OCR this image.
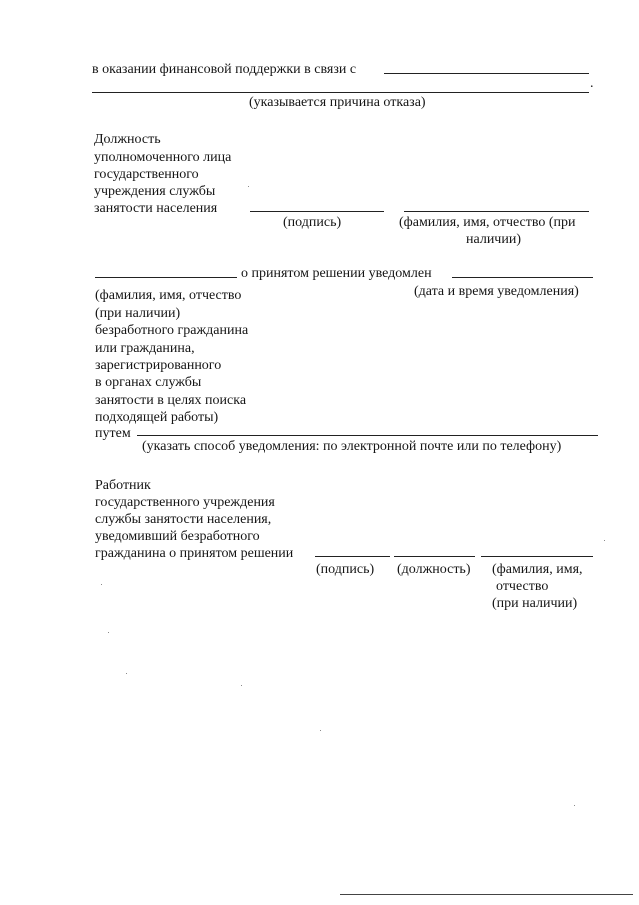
в оказании финансовой поддержки в связи с
.
(указывается причина отказа)
Должность
уполномоченного лица
государственного
учреждения службы
занятости населения
(подпись)	(фамилия, имя, отчество (при
наличии)
о принятом решении уведомлен
(дата и время уведомления)
(фамилия, имя, отчество
(при наличии)
безработного гражданина
или гражданина,
зарегистрированного
в органах службы
занятости в целях поиска
подходящей работы)
путем
(указать способ уведомления: по электронной почте или по телефону)
Работник
государственного учреждения
службы занятости населения,
уведомивший безработного
гражданина о принятом решении
(подпись) (должность) (фамилия, имя,
отчество
(при наличии)
